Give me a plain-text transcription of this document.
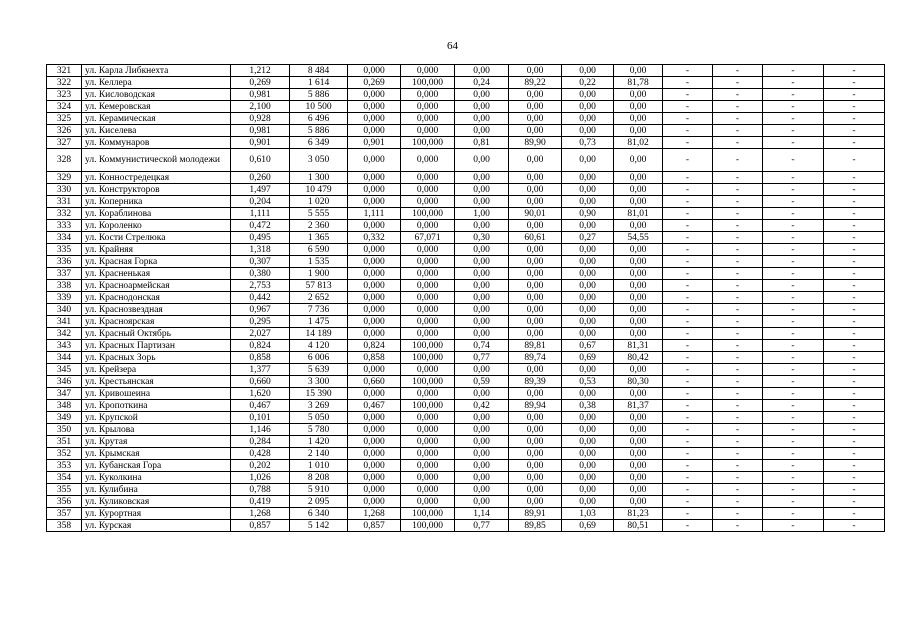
64
321	ул. Карла Либкнехта	1,212	8 484	0,000	0,000	0,00	0,00	0,00	0,00	-	-	-	-
322	ул. Келлера	0,269	1 614	0,269	100,000	0,24	89,22	0,22	81,78	-	-	-	-
323	ул. Кисловодская	0,981	5 886	0,000	0,000	0,00	0,00	0,00	0,00	-	-	-	-
324	ул. Кемеровская	2,100	10 500	0,000	0,000	0,00	0,00	0,00	0,00	-	-	-	-
325	ул. Керамическая	0,928	6 496	0,000	0,000	0,00	0,00	0,00	0,00	-	-	-	-
326	ул. Киселева	0,981	5 886	0,000	0,000	0,00	0,00	0,00	0,00	-	-	-	-
327	ул. Коммунаров	0,901	6 349	0,901	100,000	0,81	89,90	0,73	81,02	-	-	-	-
328	ул. Коммунистической молодежи	0,610	3 050	0,000	0,000	0,00	0,00	0,00	0,00	-	-	-	-
329	ул. Конностредецкая	0,260	1 300	0,000	0,000	0,00	0,00	0,00	0,00	-	-	-	-
330	ул. Конструкторов	1,497	10 479	0,000	0,000	0,00	0,00	0,00	0,00	-	-	-	-
331	ул. Коперника	0,204	1 020	0,000	0,000	0,00	0,00	0,00	0,00	-	-	-	-
332	ул. Кораблинова	1,111	5 555	1,111	100,000	1,00	90,01	0,90	81,01	-	-	-	-
333	ул. Короленко	0,472	2 360	0,000	0,000	0,00	0,00	0,00	0,00	-	-	-	-
334	ул. Кости Стрелюка	0,495	1 365	0,332	67,071	0,30	60,61	0,27	54,55	-	-	-	-
335	ул. Крайняя	1,318	6 590	0,000	0,000	0,00	0,00	0,00	0,00	-	-	-	-
336	ул. Красная Горка	0,307	1 535	0,000	0,000	0,00	0,00	0,00	0,00	-	-	-	-
337	ул. Красненькая	0,380	1 900	0,000	0,000	0,00	0,00	0,00	0,00	-	-	-	-
338	ул. Красноармейская	2,753	57 813	0,000	0,000	0,00	0,00	0,00	0,00	-	-	-	-
339	ул. Краснодонская	0,442	2 652	0,000	0,000	0,00	0,00	0,00	0,00	-	-	-	-
340	ул. Краснозвездная	0,967	7 736	0,000	0,000	0,00	0,00	0,00	0,00	-	-	-	-
341	ул. Красноярская	0,295	1 475	0,000	0,000	0,00	0,00	0,00	0,00	-	-	-	-
342	ул. Красный Октябрь	2,027	14 189	0,000	0,000	0,00	0,00	0,00	0,00	-	-	-	-
343	ул. Красных Партизан	0,824	4 120	0,824	100,000	0,74	89,81	0,67	81,31	-	-	-	-
344	ул. Красных Зорь	0,858	6 006	0,858	100,000	0,77	89,74	0,69	80,42	-	-	-	-
345	ул. Крейзера	1,377	5 639	0,000	0,000	0,00	0,00	0,00	0,00	-	-	-	-
346	ул. Крестьянская	0,660	3 300	0,660	100,000	0,59	89,39	0,53	80,30	-	-	-	-
347	ул. Кривошеина	1,620	15 390	0,000	0,000	0,00	0,00	0,00	0,00	-	-	-	-
348	ул. Кропоткина	0,467	3 269	0,467	100,000	0,42	89,94	0,38	81,37	-	-	-	-
349	ул. Крупской	0,101	5 050	0,000	0,000	0,00	0,00	0,00	0,00	-	-	-	-
350	ул. Крылова	1,146	5 780	0,000	0,000	0,00	0,00	0,00	0,00	-	-	-	-
351	ул. Крутая	0,284	1 420	0,000	0,000	0,00	0,00	0,00	0,00	-	-	-	-
352	ул. Крымская	0,428	2 140	0,000	0,000	0,00	0,00	0,00	0,00	-	-	-	-
353	ул. Кубанская Гора	0,202	1 010	0,000	0,000	0,00	0,00	0,00	0,00	-	-	-	-
354	ул. Куколкина	1,026	8 208	0,000	0,000	0,00	0,00	0,00	0,00	-	-	-	-
355	ул. Кулибина	0,788	5 910	0,000	0,000	0,00	0,00	0,00	0,00	-	-	-	-
356	ул. Куликовская	0,419	2 095	0,000	0,000	0,00	0,00	0,00	0,00	-	-	-	-
357	ул. Курортная	1,268	6 340	1,268	100,000	1,14	89,91	1,03	81,23	-	-	-	-
358	ул. Курская	0,857	5 142	0,857	100,000	0,77	89,85	0,69	80,51	-	-	-	-
